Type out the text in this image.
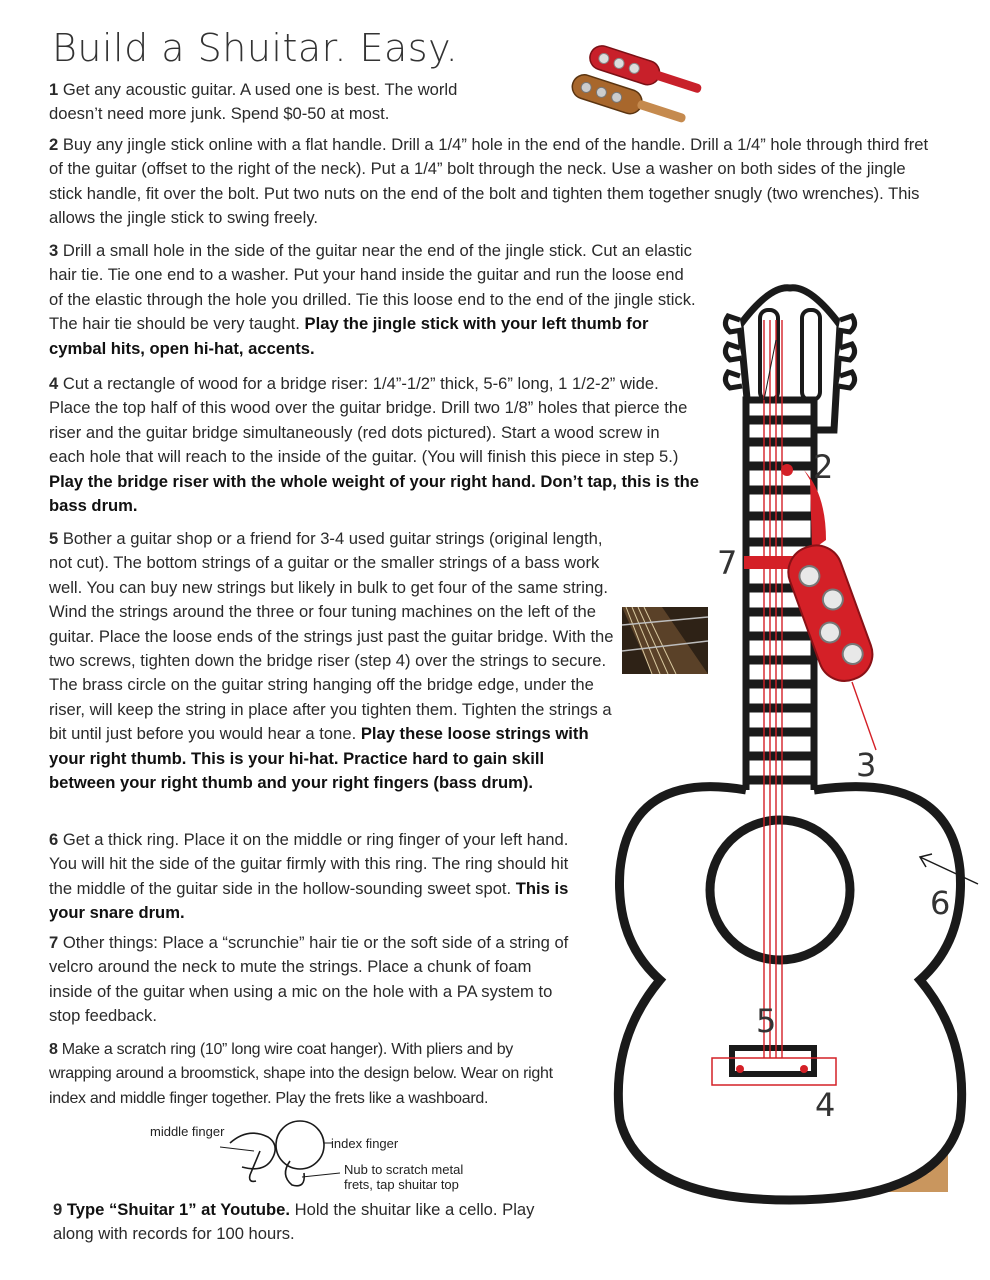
Build a Shuitar. Easy.

1 Get any acoustic guitar. A used one is best. The world doesn’t need more junk. Spend $0-50 at most.

2 Buy any jingle stick online with a flat handle. Drill a 1/4” hole in the end of the handle. Drill a 1/4” hole through third fret of the guitar (offset to the right of the neck). Put a 1/4” bolt through the neck. Use a washer on both sides of the jingle stick handle, fit over the bolt. Put two nuts on the end of the bolt and tighten them together snugly (two wrenches). This allows the jingle stick to swing freely.

3 Drill a small hole in the side of the guitar near the end of the jingle stick. Cut an elastic hair tie. Tie one end to a washer. Put your hand inside the guitar and run the loose end of the elastic through the hole you drilled. Tie this loose end to the end of the jingle stick. The hair tie should be very taught. Play the jingle stick with your left thumb for cymbal hits, open hi-hat, accents.

4 Cut a rectangle of wood for a bridge riser: 1/4”-1/2” thick, 5-6” long, 1 1/2-2” wide. Place the top half of this wood over the guitar bridge. Drill two 1/8” holes that pierce the riser and the guitar bridge simultaneously (red dots pictured). Start a wood screw in each hole that will reach to the inside of the guitar. (You will finish this piece in step 5.) Play the bridge riser with the whole weight of your right hand. Don’t tap, this is the bass drum.

5 Bother a guitar shop or a friend for 3-4 used guitar strings (original length, not cut). The bottom strings of a guitar or the smaller strings of a bass work well. You can buy new strings but likely in bulk to get four of the same string. Wind the strings around the three or four tuning machines on the left of the guitar. Place the loose ends of the strings just past the guitar bridge. With the two screws, tighten down the bridge riser (step 4) over the strings to secure. The brass circle on the guitar string hanging off the bridge edge, under the riser, will keep the string in place after you tighten them. Tighten the strings a bit until just before you would hear a tone. Play these loose strings with your right thumb. This is your hi-hat. Practice hard to gain skill between your right thumb and your right fingers (bass drum).

6 Get a thick ring. Place it on the middle or ring finger of your left hand. You will hit the side of the guitar firmly with this ring. The ring should hit the middle of the guitar side in the hollow-sounding sweet spot. This is your snare drum.

7 Other things: Place a “scrunchie” hair tie or the soft side of a string of velcro around the neck to mute the strings. Place a chunk of foam inside of the guitar when using a mic on the hole with a PA system to stop feedback.

8 Make a scratch ring (10” long wire coat hanger). With pliers and by wrapping around a broomstick, shape into the design below. Wear on right index and middle finger together. Play the frets like a washboard.

9 Type “Shuitar 1” at Youtube. Hold the shuitar like a cello. Play along with records for 100 hours.

middle finger
index finger
Nub to scratch metal
frets, tap shuitar top
2
7
3
6
5
4
